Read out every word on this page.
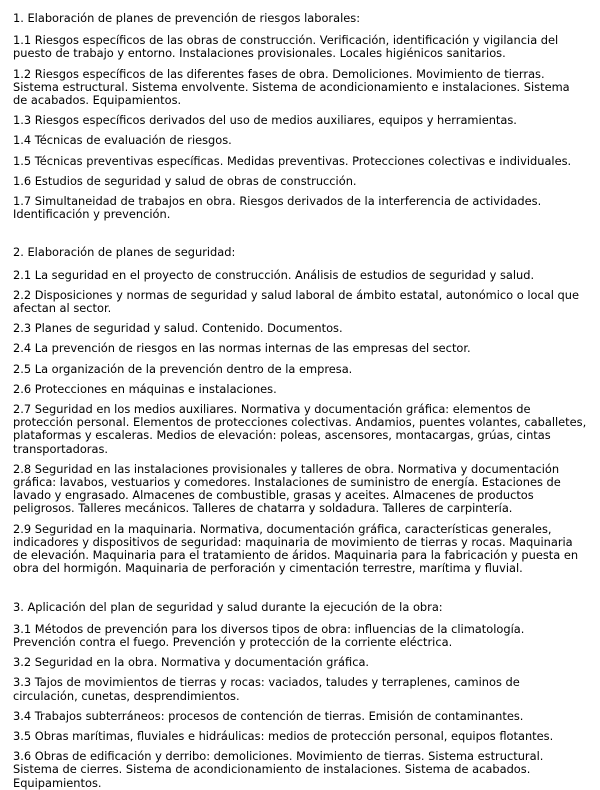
1. Elaboración de planes de prevención de riesgos laborales:

1.1 Riesgos específicos de las obras de construcción. Verificación, identificación y vigilancia del puesto de trabajo y entorno. Instalaciones provisionales. Locales higiénicos sanitarios.

1.2 Riesgos específicos de las diferentes fases de obra. Demoliciones. Movimiento de tierras. Sistema estructural. Sistema envolvente. Sistema de acondicionamiento e instalaciones. Sistema de acabados. Equipamientos.

1.3 Riesgos específicos derivados del uso de medios auxiliares, equipos y herramientas.

1.4 Técnicas de evaluación de riesgos.

1.5 Técnicas preventivas específicas. Medidas preventivas. Protecciones colectivas e individuales.

1.6 Estudios de seguridad y salud de obras de construcción.

1.7 Simultaneidad de trabajos en obra. Riesgos derivados de la interferencia de actividades. Identificación y prevención.

2. Elaboración de planes de seguridad:

2.1 La seguridad en el proyecto de construcción. Análisis de estudios de seguridad y salud.

2.2 Disposiciones y normas de seguridad y salud laboral de ámbito estatal, autonómico o local que afectan al sector.

2.3 Planes de seguridad y salud. Contenido. Documentos.

2.4 La prevención de riesgos en las normas internas de las empresas del sector.

2.5 La organización de la prevención dentro de la empresa.

2.6 Protecciones en máquinas e instalaciones.

2.7 Seguridad en los medios auxiliares. Normativa y documentación gráfica: elementos de protección personal. Elementos de protecciones colectivas. Andamios, puentes volantes, caballetes, plataformas y escaleras. Medios de elevación: poleas, ascensores, montacargas, grúas, cintas transportadoras.

2.8 Seguridad en las instalaciones provisionales y talleres de obra. Normativa y documentación gráfica: lavabos, vestuarios y comedores. Instalaciones de suministro de energía. Estaciones de lavado y engrasado. Almacenes de combustible, grasas y aceites. Almacenes de productos peligrosos. Talleres mecánicos. Talleres de chatarra y soldadura. Talleres de carpintería.

2.9 Seguridad en la maquinaria. Normativa, documentación gráfica, características generales, indicadores y dispositivos de seguridad: maquinaria de movimiento de tierras y rocas. Maquinaria de elevación. Maquinaria para el tratamiento de áridos. Maquinaria para la fabricación y puesta en obra del hormigón. Maquinaria de perforación y cimentación terrestre, marítima y fluvial.

3. Aplicación del plan de seguridad y salud durante la ejecución de la obra:

3.1 Métodos de prevención para los diversos tipos de obra: influencias de la climatología. Prevención contra el fuego. Prevención y protección de la corriente eléctrica.

3.2 Seguridad en la obra. Normativa y documentación gráfica.

3.3 Tajos de movimientos de tierras y rocas: vaciados, taludes y terraplenes, caminos de circulación, cunetas, desprendimientos.

3.4 Trabajos subterráneos: procesos de contención de tierras. Emisión de contaminantes.

3.5 Obras marítimas, fluviales e hidráulicas: medios de protección personal, equipos flotantes.

3.6 Obras de edificación y derribo: demoliciones. Movimiento de tierras. Sistema estructural. Sistema de cierres. Sistema de acondicionamiento de instalaciones. Sistema de acabados. Equipamientos.
